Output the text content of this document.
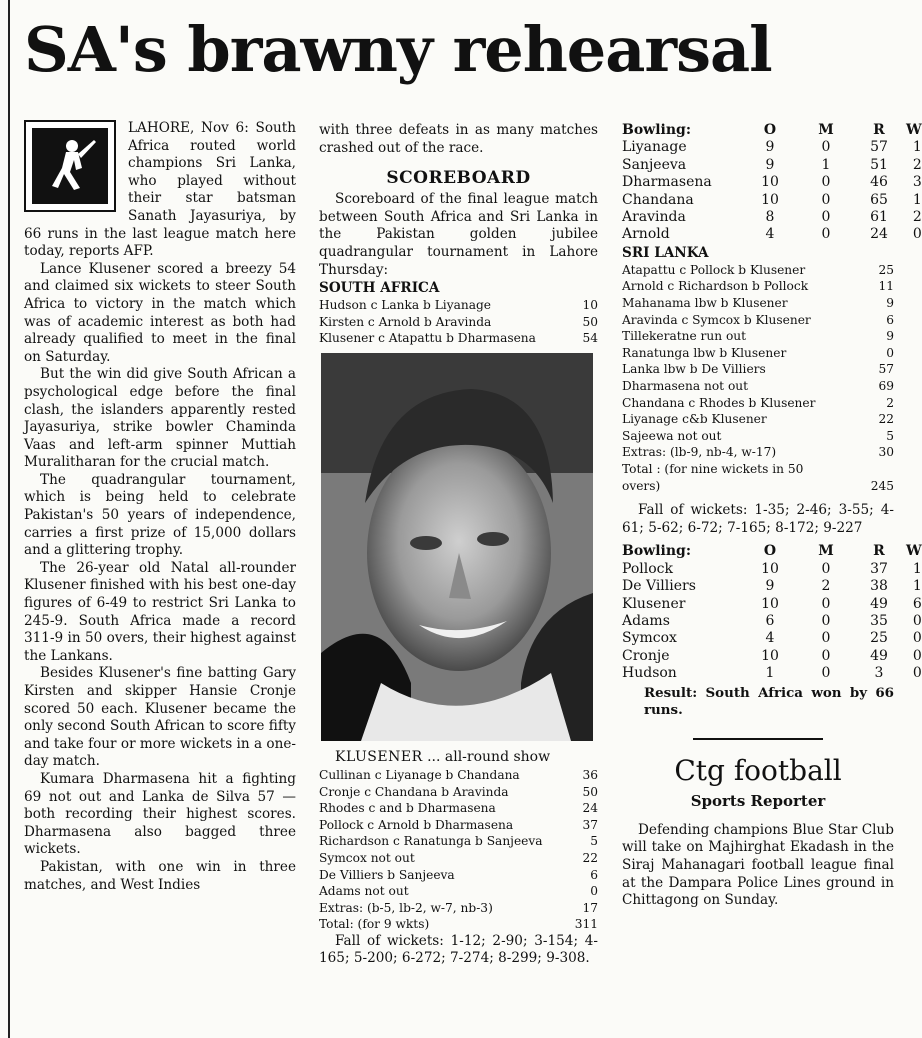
SA's brawny rehearsal

LAHORE, Nov 6: South Africa routed world champions Sri Lanka, who played without their star batsman Sanath Jayasuriya, by 66 runs in the last league match here today, reports AFP.

Lance Klusener scored a breezy 54 and claimed six wickets to steer South Africa to victory in the match which was of academic interest as both had already qualified to meet in the final on Saturday.

But the win did give South African a psychological edge before the final clash, the islanders apparently rested Jayasuriya, strike bowler Chaminda Vaas and left-arm spinner Muttiah Muralitharan for the crucial match.

The quadrangular tournament, which is being held to celebrate Pakistan's 50 years of independence, carries a first prize of 15,000 dollars and a glittering trophy.

The 26-year old Natal all-rounder Klusener finished with his best one-day figures of 6-49 to restrict Sri Lanka to 245-9. South Africa made a record 311-9 in 50 overs, their highest against the Lankans.

Besides Klusener's fine batting Gary Kirsten and skipper Hansie Cronje scored 50 each. Klusener became the only second South African to score fifty and take four or more wickets in a one-day match.

Kumara Dharmasena hit a fighting 69 not out and Lanka de Silva 57 — both recording their highest scores. Dharmasena also bagged three wickets.

Pakistan, with one win in three matches, and West Indies

with three defeats in as many matches crashed out of the race.

SCOREBOARD

Scoreboard of the final league match between South Africa and Sri Lanka in the Pakistan golden jubilee quadrangular tournament in Lahore Thursday:

SOUTH AFRICA
Hudson c Lanka b Liyanage	10
Kirsten c Arnold b Aravinda	50
Klusener c Atapattu b Dharmasena	54

KLUSENER ... all-round show

Cullinan c Liyanage b Chandana	36
Cronje c Chandana b Aravinda	50
Rhodes c and b Dharmasena	24
Pollock c Arnold b Dharmasena	37
Richardson c Ranatunga b Sanjeeva	5
Symcox not out	22
De Villiers b Sanjeeva	6
Adams not out	0
Extras: (b-5, lb-2, w-7, nb-3)	17
Total: (for 9 wkts)	311

Fall of wickets: 1-12; 2-90; 3-154; 4-165; 5-200; 6-272; 7-274; 8-299; 9-308.

Bowling:	O	M	R	W
Liyanage	9	0	57	1
Sanjeeva	9	1	51	2
Dharmasena	10	0	46	3
Chandana	10	0	65	1
Aravinda	8	0	61	2
Arnold	4	0	24	0
SRI LANKA
Atapattu c Pollock b Klusener	25
Arnold c Richardson b Pollock	11
Mahanama lbw b Klusener	9
Aravinda c Symcox b Klusener	6
Tillekeratne run out	9
Ranatunga lbw b Klusener	0
Lanka lbw b De Villiers	57
Dharmasena not out	69
Chandana c Rhodes b Klusener	2
Liyanage c&b Klusener	22
Sajeewa not out	5
Extras: (lb-9, nb-4, w-17)	30
Total : (for nine wickets in 50 overs)	245

Fall of wickets: 1-35; 2-46; 3-55; 4-61; 5-62; 6-72; 7-165; 8-172; 9-227

Bowling:	O	M	R	W
Pollock	10	0	37	1
De Villiers	9	2	38	1
Klusener	10	0	49	6
Adams	6	0	35	0
Symcox	4	0	25	0
Cronje	10	0	49	0
Hudson	1	0	3	0
Result: South Africa won by 66 runs.
Ctg football
Sports Reporter

Defending champions Blue Star Club will take on Majhirghat Ekadash in the Siraj Mahanagari football league final at the Dampara Police Lines ground in Chittagong on Sunday.
